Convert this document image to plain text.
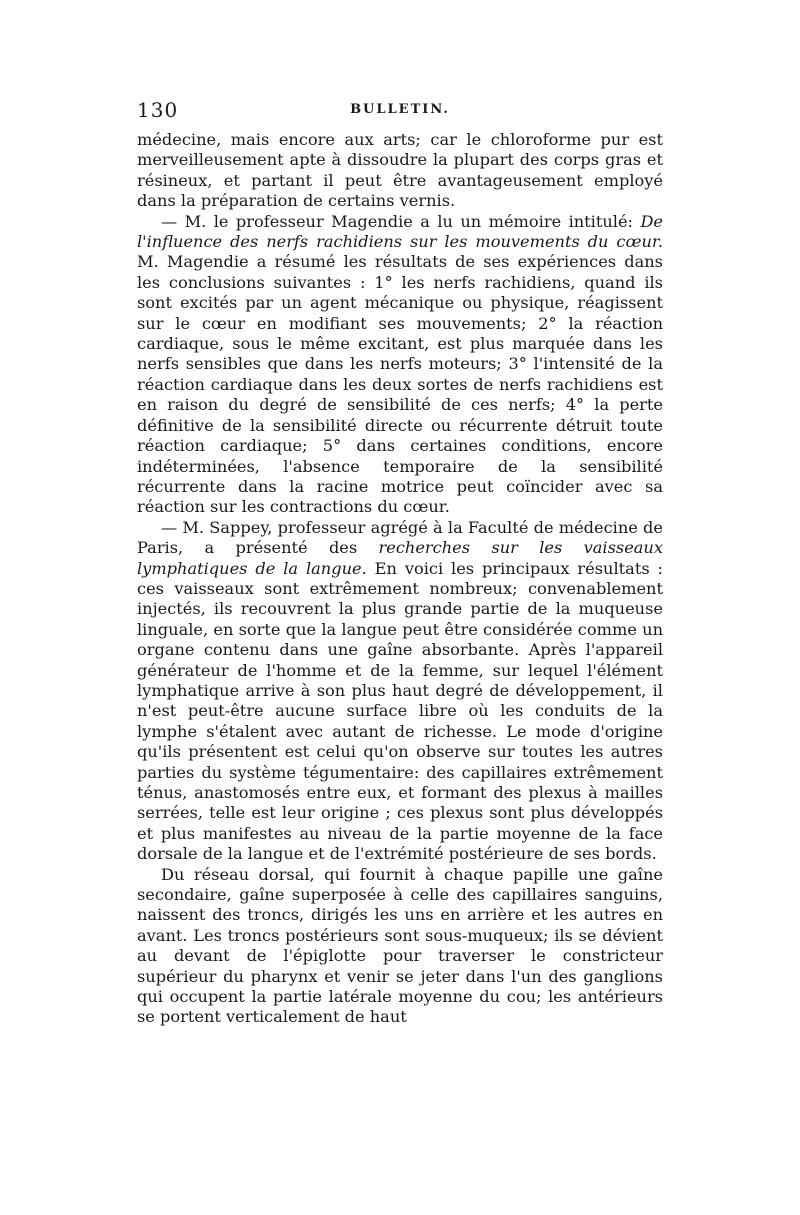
130	BULLETIN.

médecine, mais encore aux arts; car le chloroforme pur est merveilleusement apte à dissoudre la plupart des corps gras et résineux, et partant il peut être avantageusement employé dans la préparation de certains vernis.

— M. le professeur Magendie a lu un mémoire intitulé: De l'influence des nerfs rachidiens sur les mouvements du cœur. M. Magendie a résumé les résultats de ses expériences dans les conclusions suivantes : 1° les nerfs rachidiens, quand ils sont excités par un agent mécanique ou physique, réagissent sur le cœur en modifiant ses mouvements; 2° la réaction cardiaque, sous le même excitant, est plus marquée dans les nerfs sensibles que dans les nerfs moteurs; 3° l'intensité de la réaction cardiaque dans les deux sortes de nerfs rachidiens est en raison du degré de sensibilité de ces nerfs; 4° la perte définitive de la sensibilité directe ou récurrente détruit toute réaction cardiaque; 5° dans certaines conditions, encore indéterminées, l'absence temporaire de la sensibilité récurrente dans la racine motrice peut coïncider avec sa réaction sur les contractions du cœur.

— M. Sappey, professeur agrégé à la Faculté de médecine de Paris, a présenté des recherches sur les vaisseaux lymphatiques de la langue. En voici les principaux résultats : ces vaisseaux sont extrêmement nombreux; convenablement injectés, ils recouvrent la plus grande partie de la muqueuse linguale, en sorte que la langue peut être considérée comme un organe contenu dans une gaîne absorbante. Après l'appareil générateur de l'homme et de la femme, sur lequel l'élément lymphatique arrive à son plus haut degré de développement, il n'est peut-être aucune surface libre où les conduits de la lymphe s'étalent avec autant de richesse. Le mode d'origine qu'ils présentent est celui qu'on observe sur toutes les autres parties du système tégumentaire: des capillaires extrêmement ténus, anastomosés entre eux, et formant des plexus à mailles serrées, telle est leur origine ; ces plexus sont plus développés et plus manifestes au niveau de la partie moyenne de la face dorsale de la langue et de l'extrémité postérieure de ses bords.

Du réseau dorsal, qui fournit à chaque papille une gaîne secondaire, gaîne superposée à celle des capillaires sanguins, naissent des troncs, dirigés les uns en arrière et les autres en avant. Les troncs postérieurs sont sous-muqueux; ils se dévient au devant de l'épiglotte pour traverser le constricteur supérieur du pharynx et venir se jeter dans l'un des ganglions qui occupent la partie latérale moyenne du cou; les antérieurs se portent verticalement de haut
